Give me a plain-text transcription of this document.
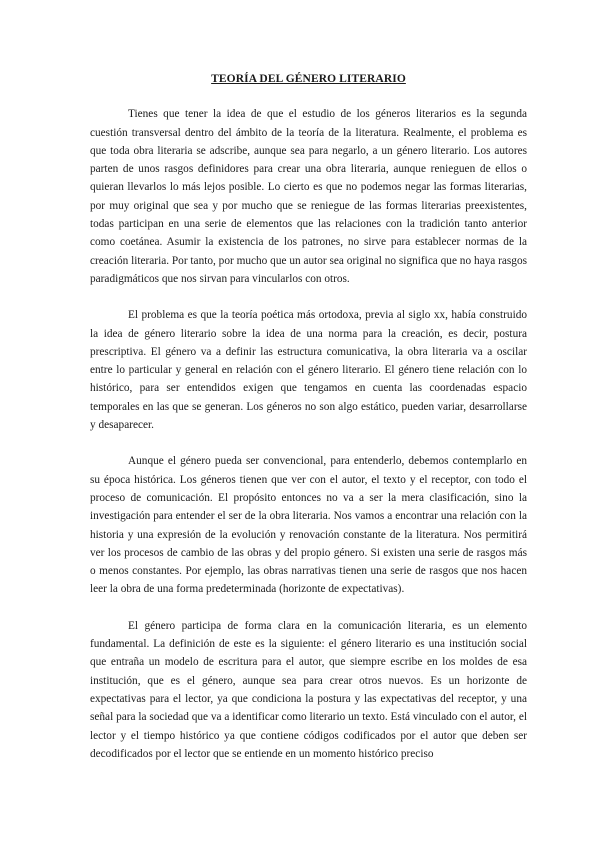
TEORÍA DEL GÉNERO LITERARIO

Tienes que tener la idea de que el estudio de los géneros literarios es la segunda cuestión transversal dentro del ámbito de la teoría de la literatura. Realmente, el problema es que toda obra literaria se adscribe, aunque sea para negarlo, a un género literario. Los autores parten de unos rasgos definidores para crear una obra literaria, aunque renieguen de ellos o quieran llevarlos lo más lejos posible. Lo cierto es que no podemos negar las formas literarias, por muy original que sea y por mucho que se reniegue de las formas literarias preexistentes, todas participan en una serie de elementos que las relaciones con la tradición tanto anterior como coetánea. Asumir la existencia de los patrones, no sirve para establecer normas de la creación literaria. Por tanto, por mucho que un autor sea original no significa que no haya rasgos paradigmáticos que nos sirvan para vincularlos con otros.

El problema es que la teoría poética más ortodoxa, previa al siglo xx, había construido la idea de género literario sobre la idea de una norma para la creación, es decir, postura prescriptiva. El género va a definir las estructura comunicativa, la obra literaria va a oscilar entre lo particular y general en relación con el género literario. El género tiene relación con lo histórico, para ser entendidos exigen que tengamos en cuenta las coordenadas espacio temporales en las que se generan. Los géneros no son algo estático, pueden variar, desarrollarse y desaparecer.

Aunque el género pueda ser convencional, para entenderlo, debemos contemplarlo en su época histórica. Los géneros tienen que ver con el autor, el texto y el receptor, con todo el proceso de comunicación. El propósito entonces no va a ser la mera clasificación, sino la investigación para entender el ser de la obra literaria. Nos vamos a encontrar una relación con la historia y una expresión de la evolución y renovación constante de la literatura. Nos permitirá ver los procesos de cambio de las obras y del propio género. Si existen una serie de rasgos más o menos constantes. Por ejemplo, las obras narrativas tienen una serie de rasgos que nos hacen leer la obra de una forma predeterminada (horizonte de expectativas).

El género participa de forma clara en la comunicación literaria, es un elemento fundamental. La definición de este es la siguiente: el género literario es una institución social que entraña un modelo de escritura para el autor, que siempre escribe en los moldes de esa institución, que es el género, aunque sea para crear otros nuevos. Es un horizonte de expectativas para el lector, ya que condiciona la postura y las expectativas del receptor, y una señal para la sociedad que va a identificar como literario un texto. Está vinculado con el autor, el lector y el tiempo histórico ya que contiene códigos codificados por el autor que deben ser decodificados por el lector que se entiende en un momento histórico preciso
